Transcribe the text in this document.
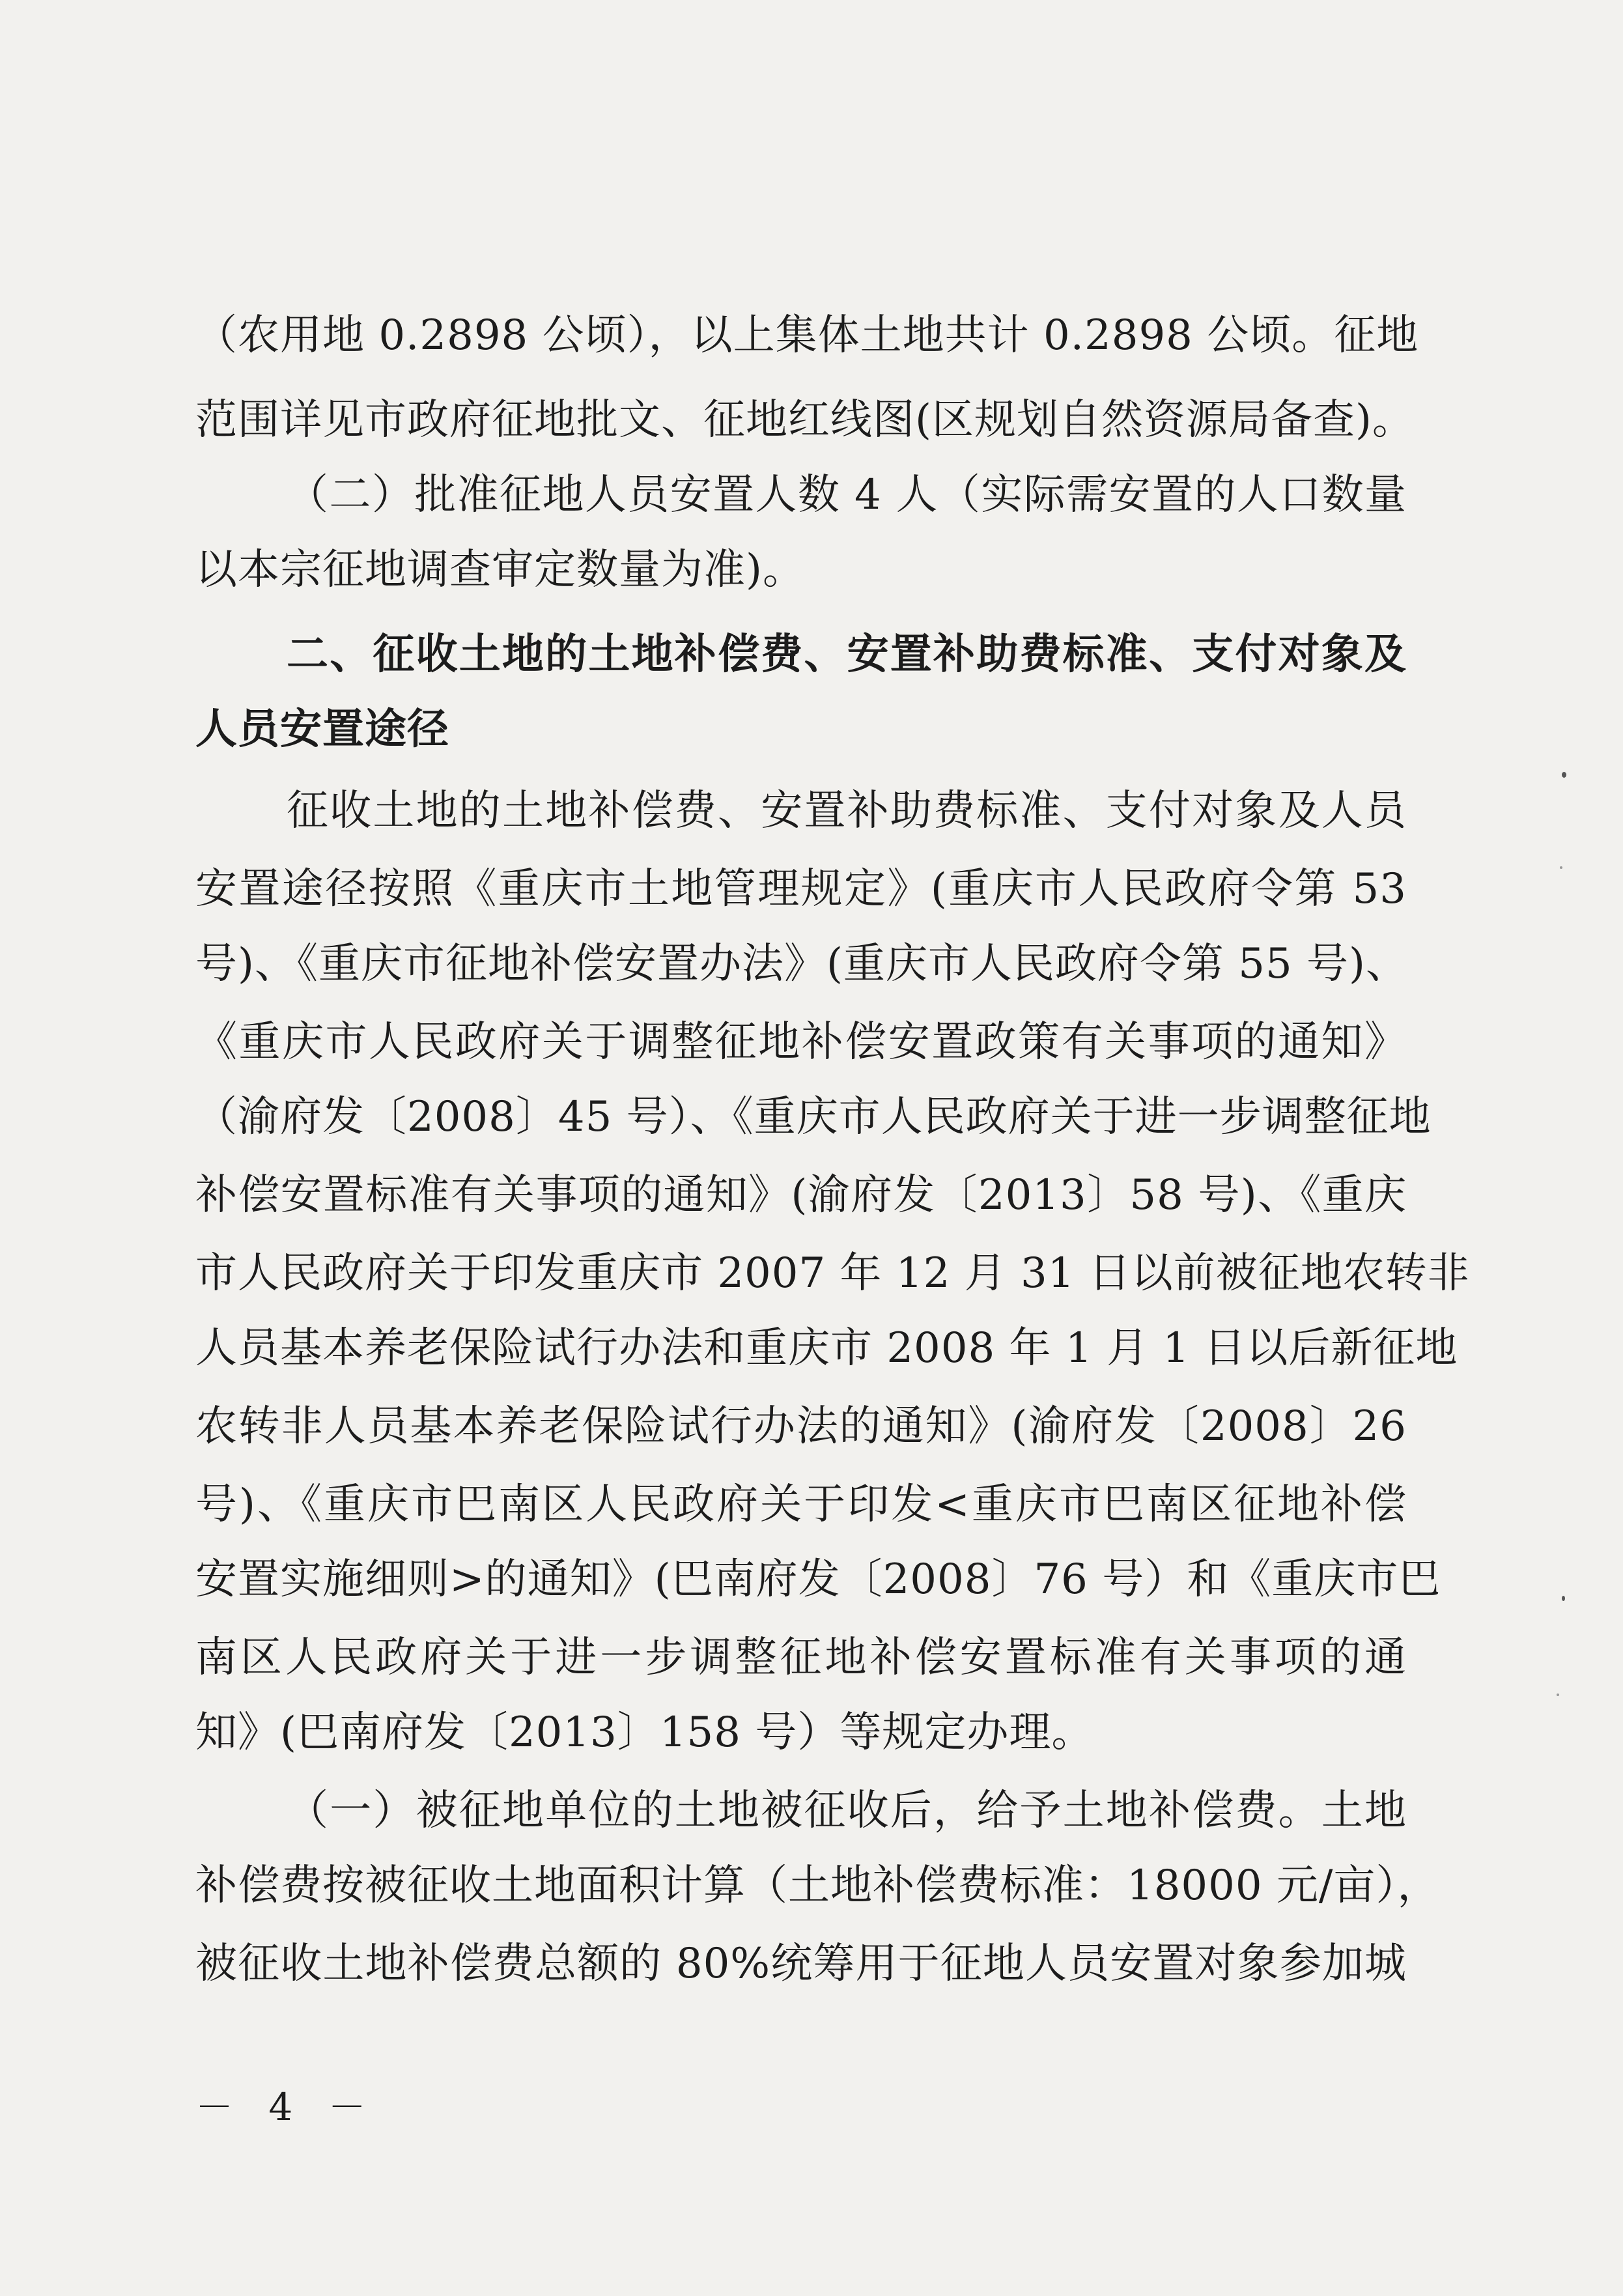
（农用地 0.2898 公顷），以上集体土地共计 0.2898 公顷。征地
范围详见市政府征地批文、征地红线图(区规划自然资源局备查)。
（二）批准征地人员安置人数 4 人（实际需安置的人口数量
以本宗征地调查审定数量为准)。
二、征收土地的土地补偿费、安置补助费标准、支付对象及
人员安置途径
征收土地的土地补偿费、安置补助费标准、支付对象及人员
安置途径按照《重庆市土地管理规定》(重庆市人民政府令第 53
号)、《重庆市征地补偿安置办法》(重庆市人民政府令第 55 号)、
《重庆市人民政府关于调整征地补偿安置政策有关事项的通知》
（渝府发〔2008〕45 号）、《重庆市人民政府关于进一步调整征地
补偿安置标准有关事项的通知》(渝府发〔2013〕58 号)、《重庆
市人民政府关于印发重庆市 2007 年 12 月 31 日以前被征地农转非
人员基本养老保险试行办法和重庆市 2008 年 1 月 1 日以后新征地
农转非人员基本养老保险试行办法的通知》(渝府发〔2008〕26
号)、《重庆市巴南区人民政府关于印发<重庆市巴南区征地补偿
安置实施细则>的通知》(巴南府发〔2008〕76 号）和《重庆市巴
南区人民政府关于进一步调整征地补偿安置标准有关事项的通
知》(巴南府发〔2013〕158 号）等规定办理。
（一）被征地单位的土地被征收后，给予土地补偿费。土地
补偿费按被征收土地面积计算（土地补偿费标准：18000 元/亩），
被征收土地补偿费总额的 80%统筹用于征地人员安置对象参加城
－ 4 －
